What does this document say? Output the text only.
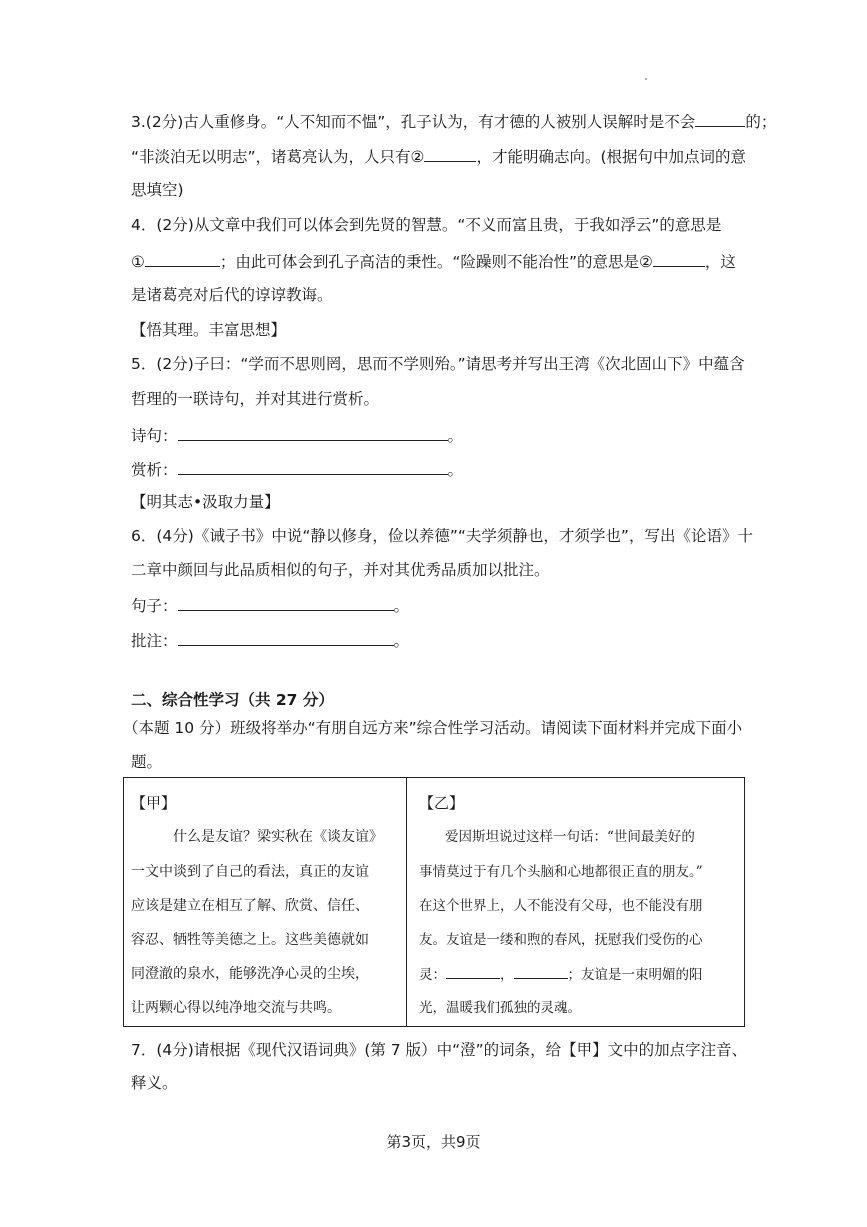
3.(2分)古人重修身。“人不知而不愠”，孔子认为，有才德的人被别人误解时是不会	的；
“非淡泊无以明志”，诸葛亮认为，人只有②	，才能明确志向。(根据句中加点词的意
思填空)
4．(2分)从文章中我们可以体会到先贤的智慧。“不义而富且贵，于我如浮云”的意思是
①	；由此可体会到孔子高洁的秉性。“险躁则不能冶性”的意思是②	，这
是诸葛亮对后代的谆谆教诲。
【悟其理。丰富思想】
5．(2分)子曰：“学而不思则罔，思而不学则殆。”请思考并写出王湾《次北固山下》中蕴含
哲理的一联诗句，并对其进行赏析。
诗句：	。
赏析：	。
【明其志•汲取力量】
6．(4分)《诫子书》中说“静以修身，俭以养德”“夫学须静也，才须学也”，写出《论语》十
二章中颜回与此品质相似的句子，并对其优秀品质加以批注。
句子：	。
批注：	。
二、综合性学习（共 27 分）
（本题 10 分）班级将举办“有朋自远方来”综合性学习活动。请阅读下面材料并完成下面小
题。
【甲】
什么是友谊？梁实秋在《谈友谊》
一文中谈到了自己的看法，真正的友谊
应该是建立在相互了解、欣赏、信任、
容忍、牺牲等美德之上。这些美德就如
同澄澈的泉水，能够洗净心灵的尘埃，
让两颗心得以纯净地交流与共鸣。
【乙】
爱因斯坦说过这样一句话：“世间最美好的
事情莫过于有几个头脑和心地都很正直的朋友。”
在这个世界上，人不能没有父母，也不能没有朋
友。友谊是一缕和煦的春风，抚慰我们受伤的心
灵：	，	；友谊是一束明媚的阳
光，温暖我们孤独的灵魂。
7．(4分)请根据《现代汉语词典》(第 7 版）中“澄”的词条，给【甲】文中的加点字注音、
释义。
第3页，共9页
